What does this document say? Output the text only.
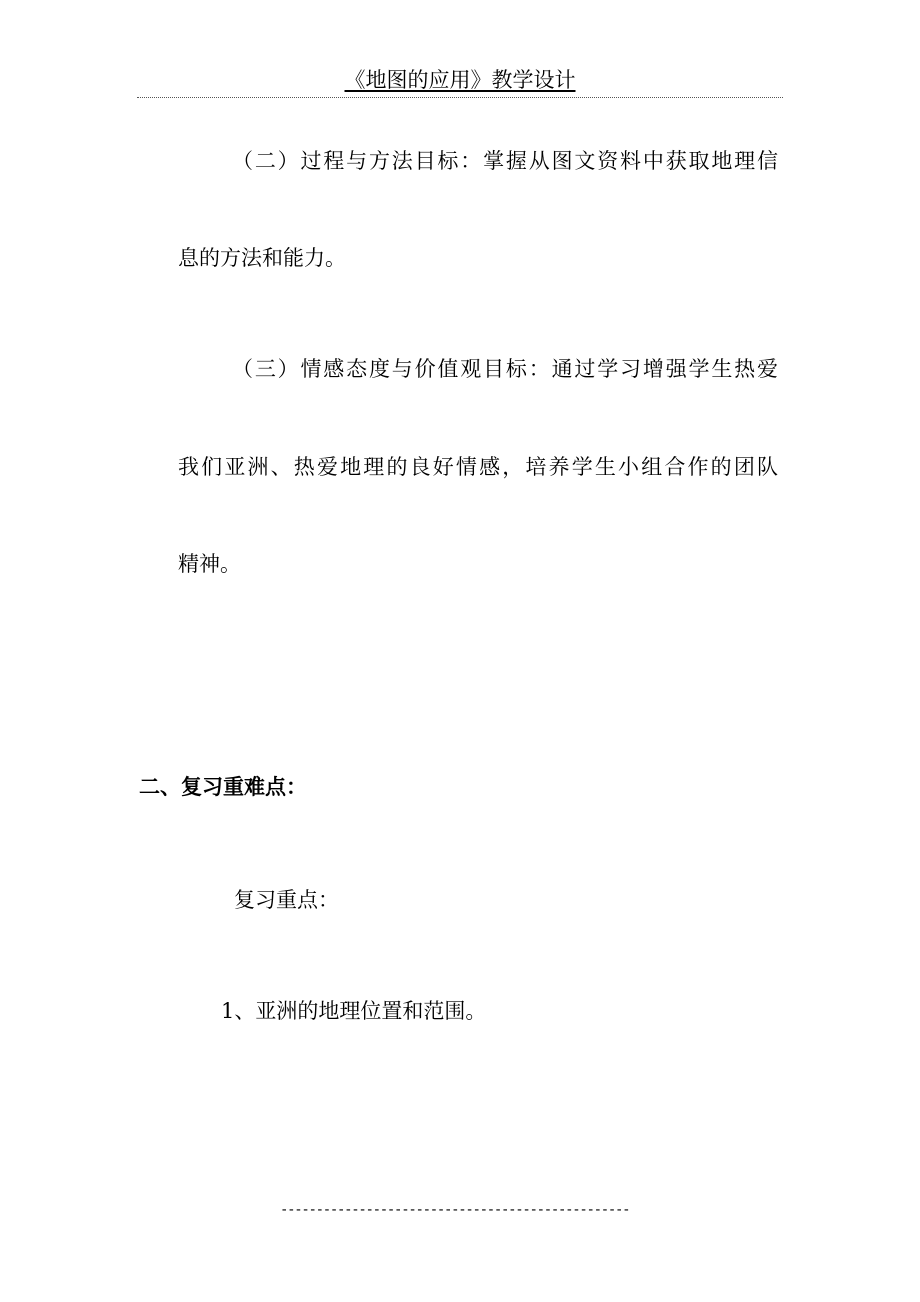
《地图的应用》教学设计
（二）过程与方法目标：掌握从图文资料中获取地理信
息的方法和能力。
（三）情感态度与价值观目标：通过学习增强学生热爱
我们亚洲、热爱地理的良好情感，培养学生小组合作的团队
精神。
二、复习重难点：
复习重点：
1、亚洲的地理位置和范围。
-------------------------------------------------
